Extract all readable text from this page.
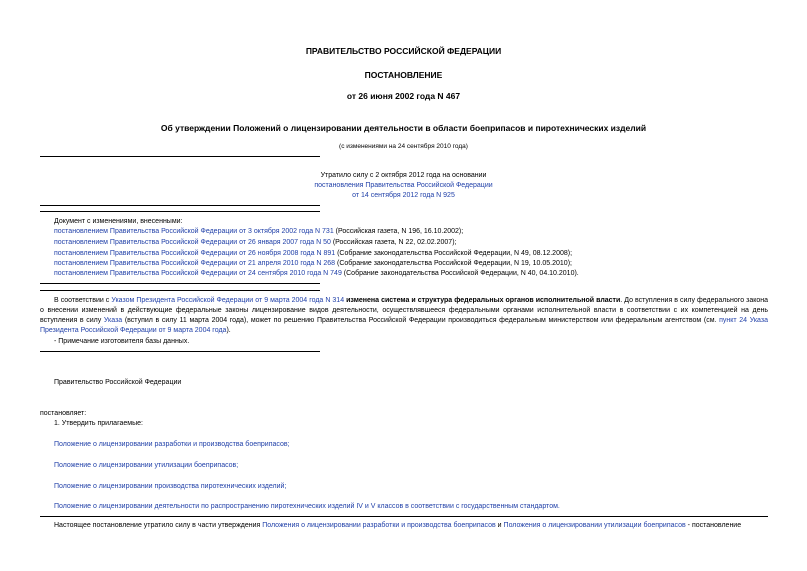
ПРАВИТЕЛЬСТВО РОССИЙСКОЙ ФЕДЕРАЦИИ
ПОСТАНОВЛЕНИЕ
от 26 июня 2002 года N 467
Об утверждении Положений о лицензировании деятельности в области боеприпасов и пиротехнических изделий
(с изменениями на 24 сентября 2010 года)
Утратило силу с 2 октября 2012 года на основании
постановления Правительства Российской Федерации
от 14 сентября 2012 года N 925
Документ с изменениями, внесенными:
постановлением Правительства Российской Федерации от 3 октября 2002 года N 731 (Российская газета, N 196, 16.10.2002);
постановлением Правительства Российской Федерации от 26 января 2007 года N 50 (Российская газета, N 22, 02.02.2007);
постановлением Правительства Российской Федерации от 26 ноября 2008 года N 891 (Собрание законодательства Российской Федерации, N 49, 08.12.2008);
постановлением Правительства Российской Федерации от 21 апреля 2010 года N 268 (Собрание законодательства Российской Федерации, N 19, 10.05.2010);
постановлением Правительства Российской Федерации от 24 сентября 2010 года N 749 (Собрание законодательства Российской Федерации, N 40, 04.10.2010).
В соответствии с Указом Президента Российской Федерации от 9 марта 2004 года N 314 изменена система и структура федеральных органов исполнительной власти. До вступления в силу федерального закона о внесении изменений в действующие федеральные законы лицензирование видов деятельности, осуществлявшееся федеральными органами исполнительной власти в соответствии с их компетенцией на день вступления в силу Указа (вступил в силу 11 марта 2004 года), может по решению Правительства Российской Федерации производиться федеральным министерством или федеральным агентством (см. пункт 24 Указа Президента Российской Федерации от 9 марта 2004 года).
- Примечание изготовителя базы данных.
Правительство Российской Федерации
постановляет:
1. Утвердить прилагаемые:
Положение о лицензировании разработки и производства боеприпасов;
Положение о лицензировании утилизации боеприпасов;
Положение о лицензировании производства пиротехнических изделий;
Положение о лицензировании деятельности по распространению пиротехнических изделий IV и V классов в соответствии с государственным стандартом.
Настоящее постановление утратило силу в части утверждения Положения о лицензировании разработки и производства боеприпасов и Положения о лицензировании утилизации боеприпасов - постановление
